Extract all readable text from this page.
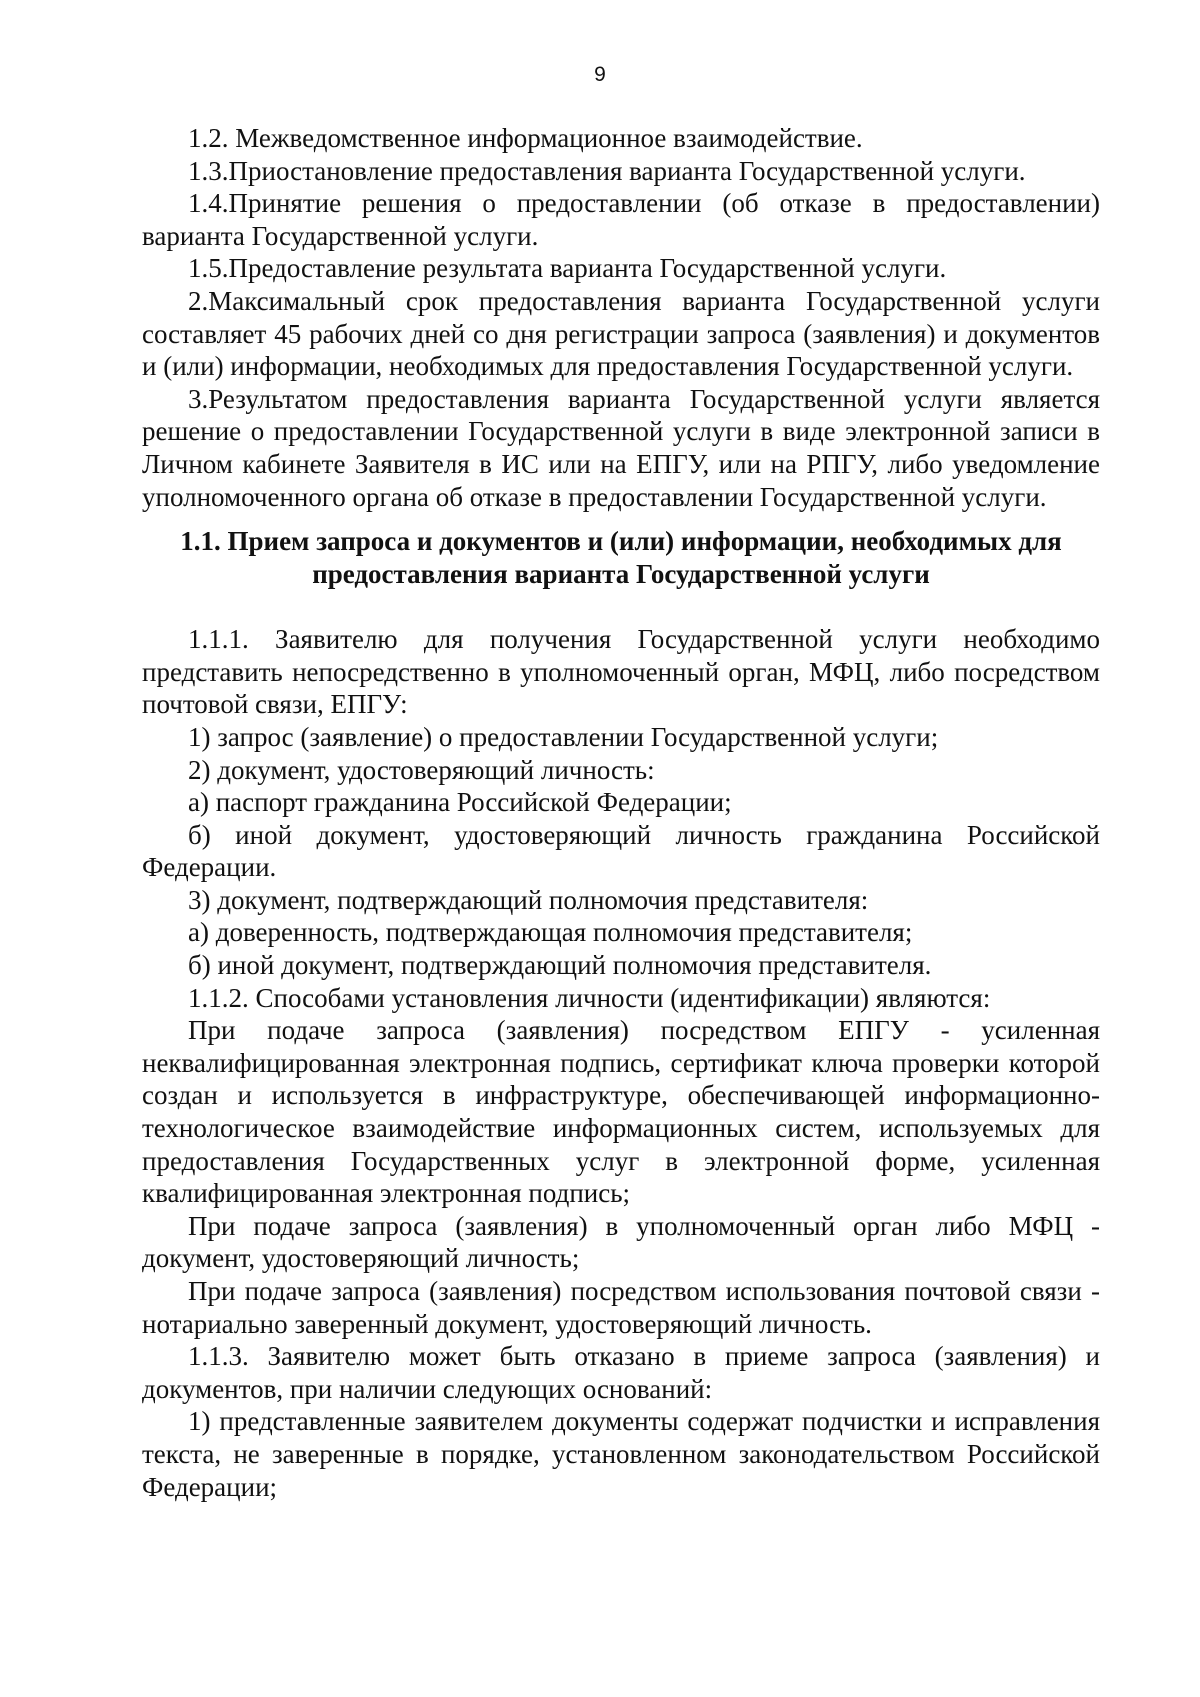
9

1.2. Межведомственное информационное взаимодействие.

1.3.Приостановление предоставления варианта Государственной услуги.

1.4.Принятие решения о предоставлении (об отказе в предоставлении) варианта Государственной услуги.

1.5.Предоставление результата варианта Государственной услуги.

2.Максимальный срок предоставления варианта Государственной услуги составляет 45 рабочих дней со дня регистрации запроса (заявления) и документов и (или) информации, необходимых для предоставления Государственной услуги.

3.Результатом предоставления варианта Государственной услуги является решение о предоставлении Государственной услуги в виде электронной записи в Личном кабинете Заявителя в ИС или на ЕПГУ, или на РПГУ, либо уведомление уполномоченного органа об отказе в предоставлении Государственной услуги.

1.1. Прием запроса и документов и (или) информации, необходимых для
предоставления варианта Государственной услуги

1.1.1. Заявителю для получения Государственной услуги необходимо представить непосредственно в уполномоченный орган, МФЦ, либо посредством почтовой связи, ЕПГУ:

1) запрос (заявление) о предоставлении Государственной услуги;

2) документ, удостоверяющий личность:

а) паспорт гражданина Российской Федерации;

б) иной документ, удостоверяющий личность гражданина Российской Федерации.

3) документ, подтверждающий полномочия представителя:

а) доверенность, подтверждающая полномочия представителя;

б) иной документ, подтверждающий полномочия представителя.

1.1.2. Способами установления личности (идентификации) являются:

При подаче запроса (заявления) посредством ЕПГУ - усиленная неквалифицированная электронная подпись, сертификат ключа проверки которой создан и используется в инфраструктуре, обеспечивающей информационно-технологическое взаимодействие информационных систем, используемых для предоставления Государственных услуг в электронной форме, усиленная квалифицированная электронная подпись;

При подаче запроса (заявления) в уполномоченный орган либо МФЦ - документ, удостоверяющий личность;

При подаче запроса (заявления) посредством использования почтовой связи - нотариально заверенный документ, удостоверяющий личность.

1.1.3. Заявителю может быть отказано в приеме запроса (заявления) и документов, при наличии следующих оснований:

1) представленные заявителем документы содержат подчистки и исправления текста, не заверенные в порядке, установленном законодательством Российской Федерации;
